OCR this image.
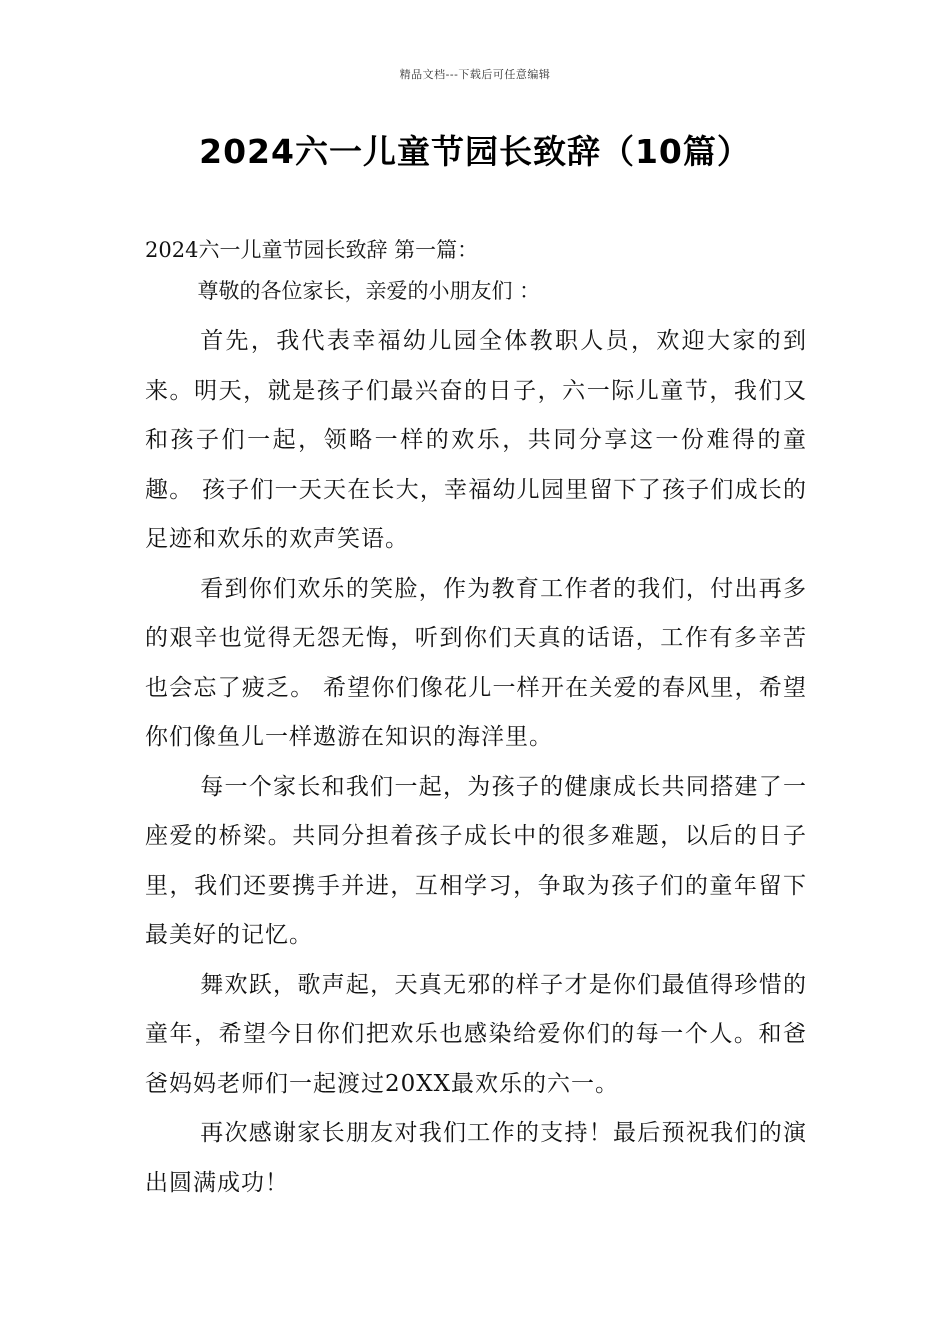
精品文档---下载后可任意编辑
2024六一儿童节园长致辞（10篇）

2024六一儿童节园长致辞 第一篇：

尊敬的各位家长，亲爱的小朋友们 ：

首先，我代表幸福幼儿园全体教职人员，欢迎大家的到来。明天，就是孩子们最兴奋的日子，六一际儿童节，我们又和孩子们一起，领略一样的欢乐，共同分享这一份难得的童趣。 孩子们一天天在长大，幸福幼儿园里留下了孩子们成长的足迹和欢乐的欢声笑语。

看到你们欢乐的笑脸，作为教育工作者的我们，付出再多的艰辛也觉得无怨无悔，听到你们天真的话语，工作有多辛苦也会忘了疲乏。 希望你们像花儿一样开在关爱的春风里，希望你们像鱼儿一样遨游在知识的海洋里。

每一个家长和我们一起，为孩子的健康成长共同搭建了一座爱的桥梁。共同分担着孩子成长中的很多难题，以后的日子里，我们还要携手并进，互相学习，争取为孩子们的童年留下最美好的记忆。

舞欢跃，歌声起，天真无邪的样子才是你们最值得珍惜的童年，希望今日你们把欢乐也感染给爱你们的每一个人。和爸爸妈妈老师们一起渡过20XX最欢乐的六一。

再次感谢家长朋友对我们工作的支持！最后预祝我们的演出圆满成功！
